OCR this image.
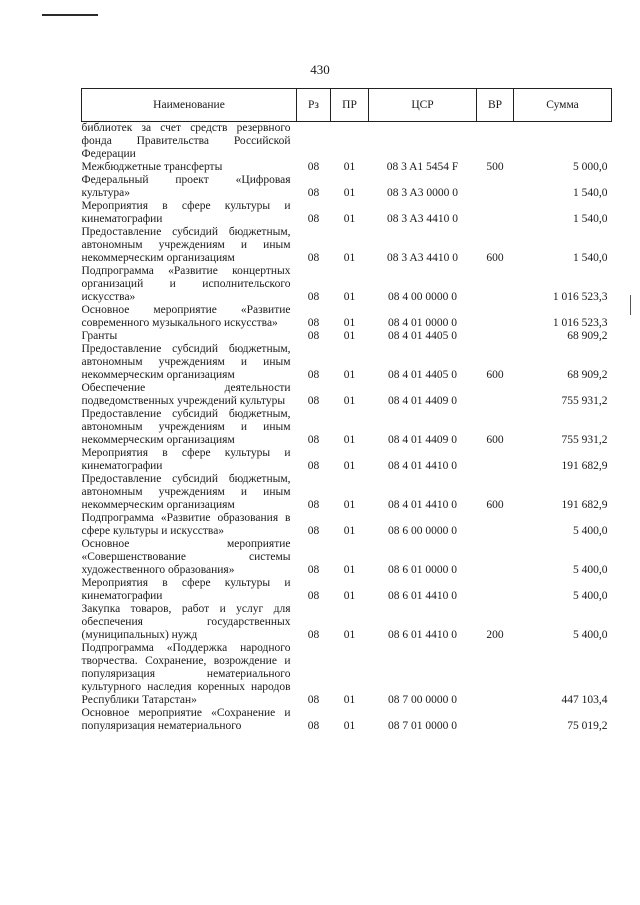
430
Наименование	Рз	ПР	ЦСР	ВР	Сумма
библиотек за счет средств резервного фонда Правительства Российской Федерации					
Межбюджетные трансферты	08	01	08 3 A1 5454 F	500	5 000,0
Федеральный проект «Цифровая культура»	08	01	08 3 A3 0000 0		1 540,0
Мероприятия в сфере культуры и кинематографии	08	01	08 3 A3 4410 0		1 540,0
Предоставление субсидий бюджетным, автономным учреждениям и иным некоммерческим организациям	08	01	08 3 A3 4410 0	600	1 540,0
Подпрограмма «Развитие концертных организаций и исполнительского искусства»	08	01	08 4 00 0000 0		1 016 523,3
Основное мероприятие «Развитие современного музыкального искусства»	08	01	08 4 01 0000 0		1 016 523,3
Гранты	08	01	08 4 01 4405 0		68 909,2
Предоставление субсидий бюджетным, автономным учреждениям и иным некоммерческим организациям	08	01	08 4 01 4405 0	600	68 909,2
Обеспечение деятельности подведомственных учреждений культуры	08	01	08 4 01 4409 0		755 931,2
Предоставление субсидий бюджетным, автономным учреждениям и иным некоммерческим организациям	08	01	08 4 01 4409 0	600	755 931,2
Мероприятия в сфере культуры и кинематографии	08	01	08 4 01 4410 0		191 682,9
Предоставление субсидий бюджетным, автономным учреждениям и иным некоммерческим организациям	08	01	08 4 01 4410 0	600	191 682,9
Подпрограмма «Развитие образования в сфере культуры и искусства»	08	01	08 6 00 0000 0		5 400,0
Основное мероприятие «Совершенствование системы художественного образования»	08	01	08 6 01 0000 0		5 400,0
Мероприятия в сфере культуры и кинематографии	08	01	08 6 01 4410 0		5 400,0
Закупка товаров, работ и услуг для обеспечения государственных (муниципальных) нужд	08	01	08 6 01 4410 0	200	5 400,0
Подпрограмма «Поддержка народного творчества. Сохранение, возрождение и популяризация нематериального культурного наследия коренных народов Республики Татарстан»	08	01	08 7 00 0000 0		447 103,4
Основное мероприятие «Сохранение и популяризация нематериального	08	01	08 7 01 0000 0		75 019,2
